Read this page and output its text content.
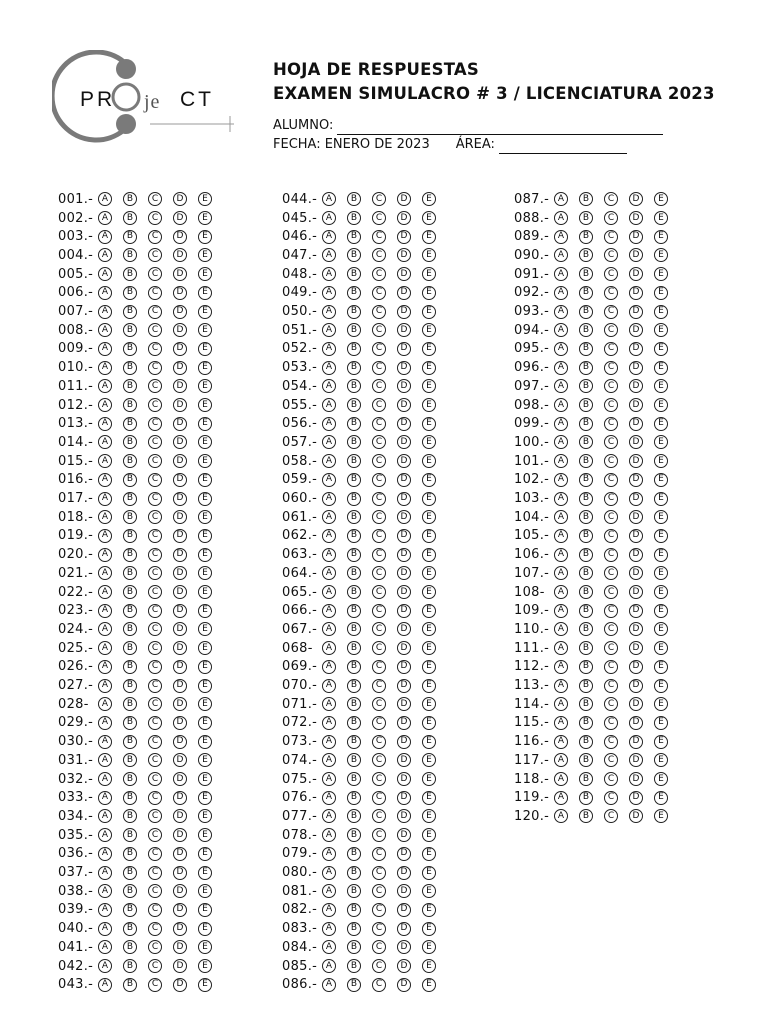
PR je CT
HOJA DE RESPUESTAS
EXAMEN SIMULACRO # 3 / LICENCIATURA 2023
ALUMNO:
FECHA: ENERO DE 2023 ÁREA:
001.- A	B	C	D	E
002.- A	B	C	D	E
003.- A	B	C	D	E
004.- A	B	C	D	E
005.- A	B	C	D	E
006.- A	B	C	D	E
007.- A	B	C	D	E
008.- A	B	C	D	E
009.- A	B	C	D	E
010.- A	B	C	D	E
011.- A	B	C	D	E
012.- A	B	C	D	E
013.- A	B	C	D	E
014.- A	B	C	D	E
015.- A	B	C	D	E
016.- A	B	C	D	E
017.- A	B	C	D	E
018.- A	B	C	D	E
019.- A	B	C	D	E
020.- A	B	C	D	E
021.- A	B	C	D	E
022.- A	B	C	D	E
023.- A	B	C	D	E
024.- A	B	C	D	E
025.- A	B	C	D	E
026.- A	B	C	D	E
027.- A	B	C	D	E
028-	A	B	C	D	E
029.- A	B	C	D	E
030.- A	B	C	D	E
031.- A	B	C	D	E
032.- A	B	C	D	E
033.- A	B	C	D	E
034.- A	B	C	D	E
035.- A	B	C	D	E
036.- A	B	C	D	E
037.- A	B	C	D	E
038.- A	B	C	D	E
039.- A	B	C	D	E
040.- A	B	C	D	E
041.- A	B	C	D	E
042.- A	B	C	D	E
043.- A	B	C	D	E
044.- A	B	C	D	E
045.- A	B	C	D	E
046.- A	B	C	D	E
047.- A	B	C	D	E
048.- A	B	C	D	E
049.- A	B	C	D	E
050.- A	B	C	D	E
051.- A	B	C	D	E
052.- A	B	C	D	E
053.- A	B	C	D	E
054.- A	B	C	D	E
055.- A	B	C	D	E
056.- A	B	C	D	E
057.- A	B	C	D	E
058.- A	B	C	D	E
059.- A	B	C	D	E
060.- A	B	C	D	E
061.- A	B	C	D	E
062.- A	B	C	D	E
063.- A	B	C	D	E
064.- A	B	C	D	E
065.- A	B	C	D	E
066.- A	B	C	D	E
067.- A	B	C	D	E
068-	A	B	C	D	E
069.- A	B	C	D	E
070.- A	B	C	D	E
071.- A	B	C	D	E
072.- A	B	C	D	E
073.- A	B	C	D	E
074.- A	B	C	D	E
075.- A	B	C	D	E
076.- A	B	C	D	E
077.- A	B	C	D	E
078.- A	B	C	D	E
079.- A	B	C	D	E
080.- A	B	C	D	E
081.- A	B	C	D	E
082.- A	B	C	D	E
083.- A	B	C	D	E
084.- A	B	C	D	E
085.- A	B	C	D	E
086.- A	B	C	D	E
087.- A	B	C	D	E
088.- A	B	C	D	E
089.- A	B	C	D	E
090.- A	B	C	D	E
091.- A	B	C	D	E
092.- A	B	C	D	E
093.- A	B	C	D	E
094.- A	B	C	D	E
095.- A	B	C	D	E
096.- A	B	C	D	E
097.- A	B	C	D	E
098.- A	B	C	D	E
099.- A	B	C	D	E
100.- A	B	C	D	E
101.- A	B	C	D	E
102.- A	B	C	D	E
103.- A	B	C	D	E
104.- A	B	C	D	E
105.- A	B	C	D	E
106.- A	B	C	D	E
107.- A	B	C	D	E
108-	A	B	C	D	E
109.- A	B	C	D	E
110.- A	B	C	D	E
111.- A	B	C	D	E
112.- A	B	C	D	E
113.- A	B	C	D	E
114.- A	B	C	D	E
115.- A	B	C	D	E
116.- A	B	C	D	E
117.- A	B	C	D	E
118.- A	B	C	D	E
119.- A	B	C	D	E
120.- A	B	C	D	E
